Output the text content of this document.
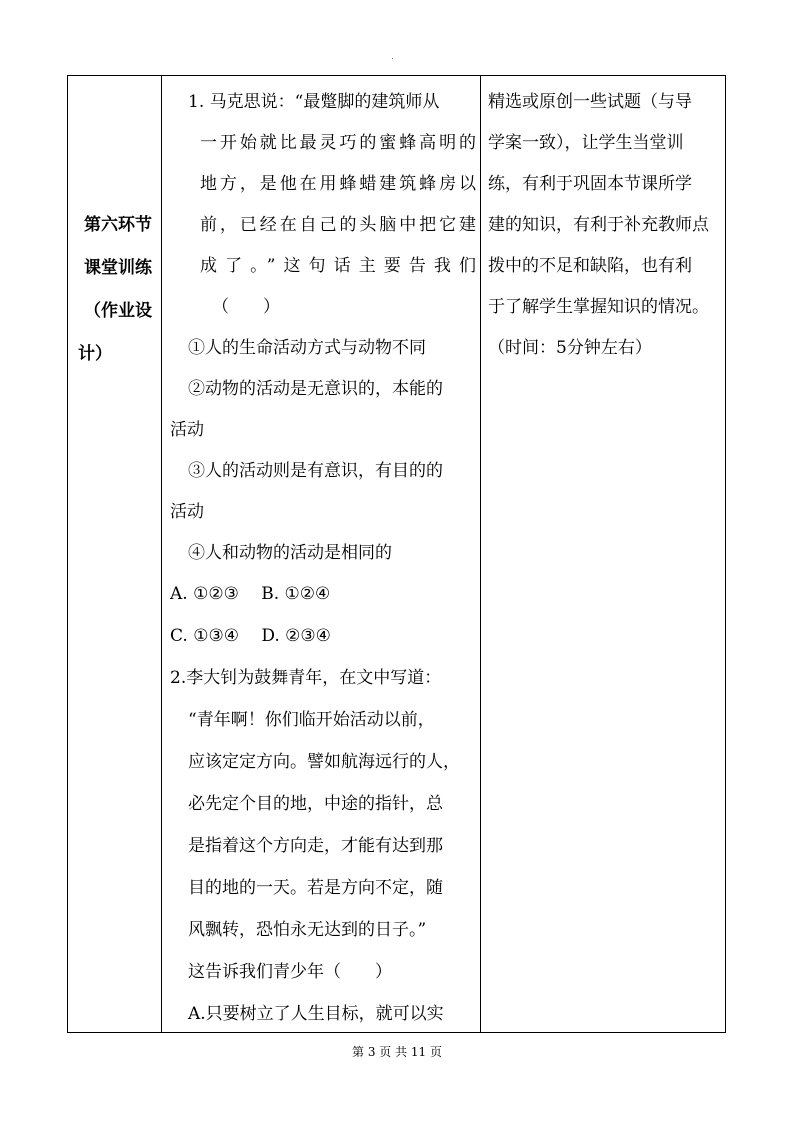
第六环节
课堂训练
（作业设
计）
1. 马克思说：“最蹩脚的建筑师从
一开始就比最灵巧的蜜蜂高明的
地方，是他在用蜂蜡建筑蜂房以
前，已经在自己的头脑中把它建
成了。”这句话主要告我们
（　　）
①人的生命活动方式与动物不同
②动物的活动是无意识的，本能的
活动
③人的活动则是有意识，有目的的
活动
④人和动物的活动是相同的
A. ①②③　 B. ①②④
C. ①③④　 D. ②③④
2.李大钊为鼓舞青年，在文中写道：
“青年啊！你们临开始活动以前，
应该定定方向。譬如航海远行的人，
必先定个目的地，中途的指针，总
是指着这个方向走，才能有达到那
目的地的一天。若是方向不定，随
风飘转，恐怕永无达到的日子。”
这告诉我们青少年（　　）
A.只要树立了人生目标，就可以实
精选或原创一些试题（与导
学案一致），让学生当堂训
练，有利于巩固本节课所学
建的知识，有利于补充教师点
拨中的不足和缺陷，也有利
于了解学生掌握知识的情况。
（时间：5分钟左右）
第 3 页 共 11 页
